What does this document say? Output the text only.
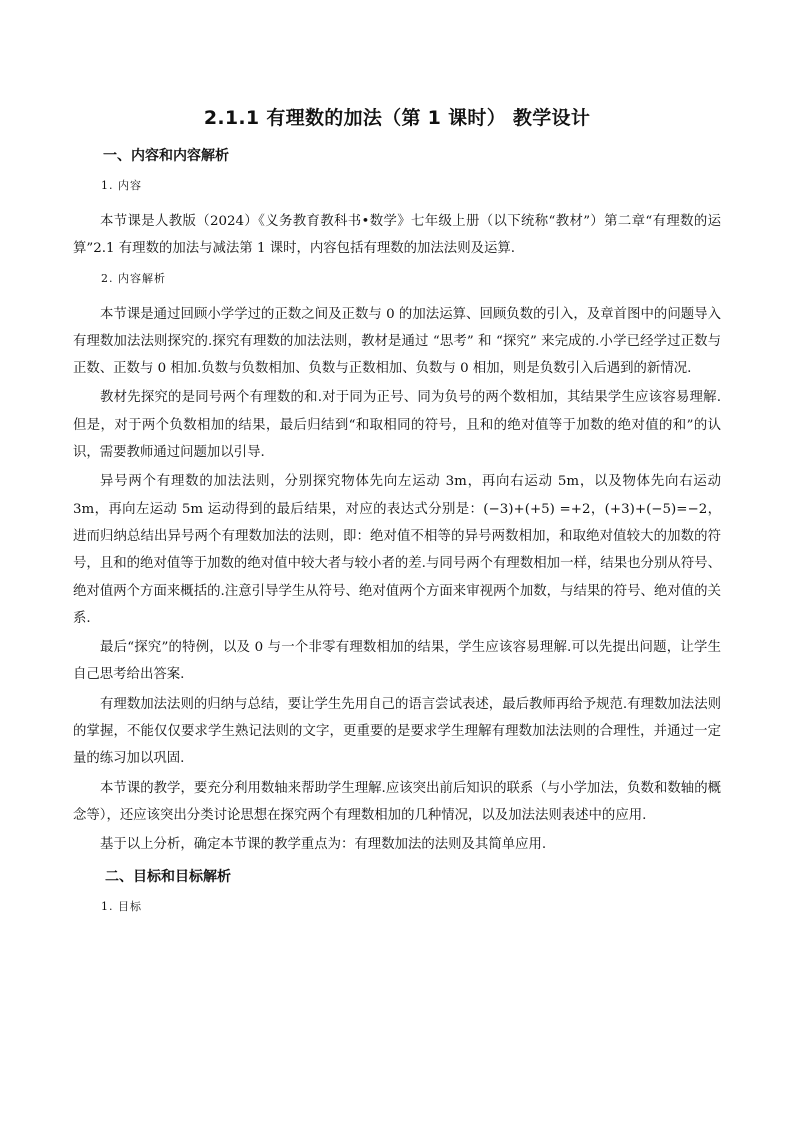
2.1.1 有理数的加法（第 1 课时） 教学设计
一、内容和内容解析
1. 内容

本节课是人教版（2024）《义务教育教科书•数学》七年级上册（以下统称“教材”）第二章“有理数的运算”2.1 有理数的加法与减法第 1 课时，内容包括有理数的加法法则及运算.

2. 内容解析

本节课是通过回顾小学学过的正数之间及正数与 0 的加法运算、回顾负数的引入，及章首图中的问题导入有理数加法法则探究的.探究有理数的加法法则，教材是通过 “思考” 和 “探究” 来完成的.小学已经学过正数与正数、正数与 0 相加.负数与负数相加、负数与正数相加、负数与 0 相加，则是负数引入后遇到的新情况.

教材先探究的是同号两个有理数的和.对于同为正号、同为负号的两个数相加，其结果学生应该容易理解.但是，对于两个负数相加的结果，最后归结到“和取相同的符号，且和的绝对值等于加数的绝对值的和”的认识，需要教师通过问题加以引导.

异号两个有理数的加法法则，分别探究物体先向左运动 3m，再向右运动 5m，以及物体先向右运动 3m，再向左运动 5m 运动得到的最后结果，对应的表达式分别是：(−3)+(+5) =+2，(+3)+(−5)=−2，进而归纳总结出异号两个有理数加法的法则，即：绝对值不相等的异号两数相加，和取绝对值较大的加数的符号，且和的绝对值等于加数的绝对值中较大者与较小者的差.与同号两个有理数相加一样，结果也分别从符号、绝对值两个方面来概括的.注意引导学生从符号、绝对值两个方面来审视两个加数，与结果的符号、绝对值的关系.

最后“探究”的特例，以及 0 与一个非零有理数相加的结果，学生应该容易理解.可以先提出问题，让学生自己思考给出答案.

有理数加法法则的归纳与总结，要让学生先用自己的语言尝试表述，最后教师再给予规范.有理数加法法则的掌握，不能仅仅要求学生熟记法则的文字，更重要的是要求学生理解有理数加法法则的合理性，并通过一定量的练习加以巩固.

本节课的教学，要充分利用数轴来帮助学生理解.应该突出前后知识的联系（与小学加法，负数和数轴的概念等），还应该突出分类讨论思想在探究两个有理数相加的几种情况，以及加法法则表述中的应用.

基于以上分析，确定本节课的教学重点为：有理数加法的法则及其简单应用.

二、目标和目标解析
1. 目标
